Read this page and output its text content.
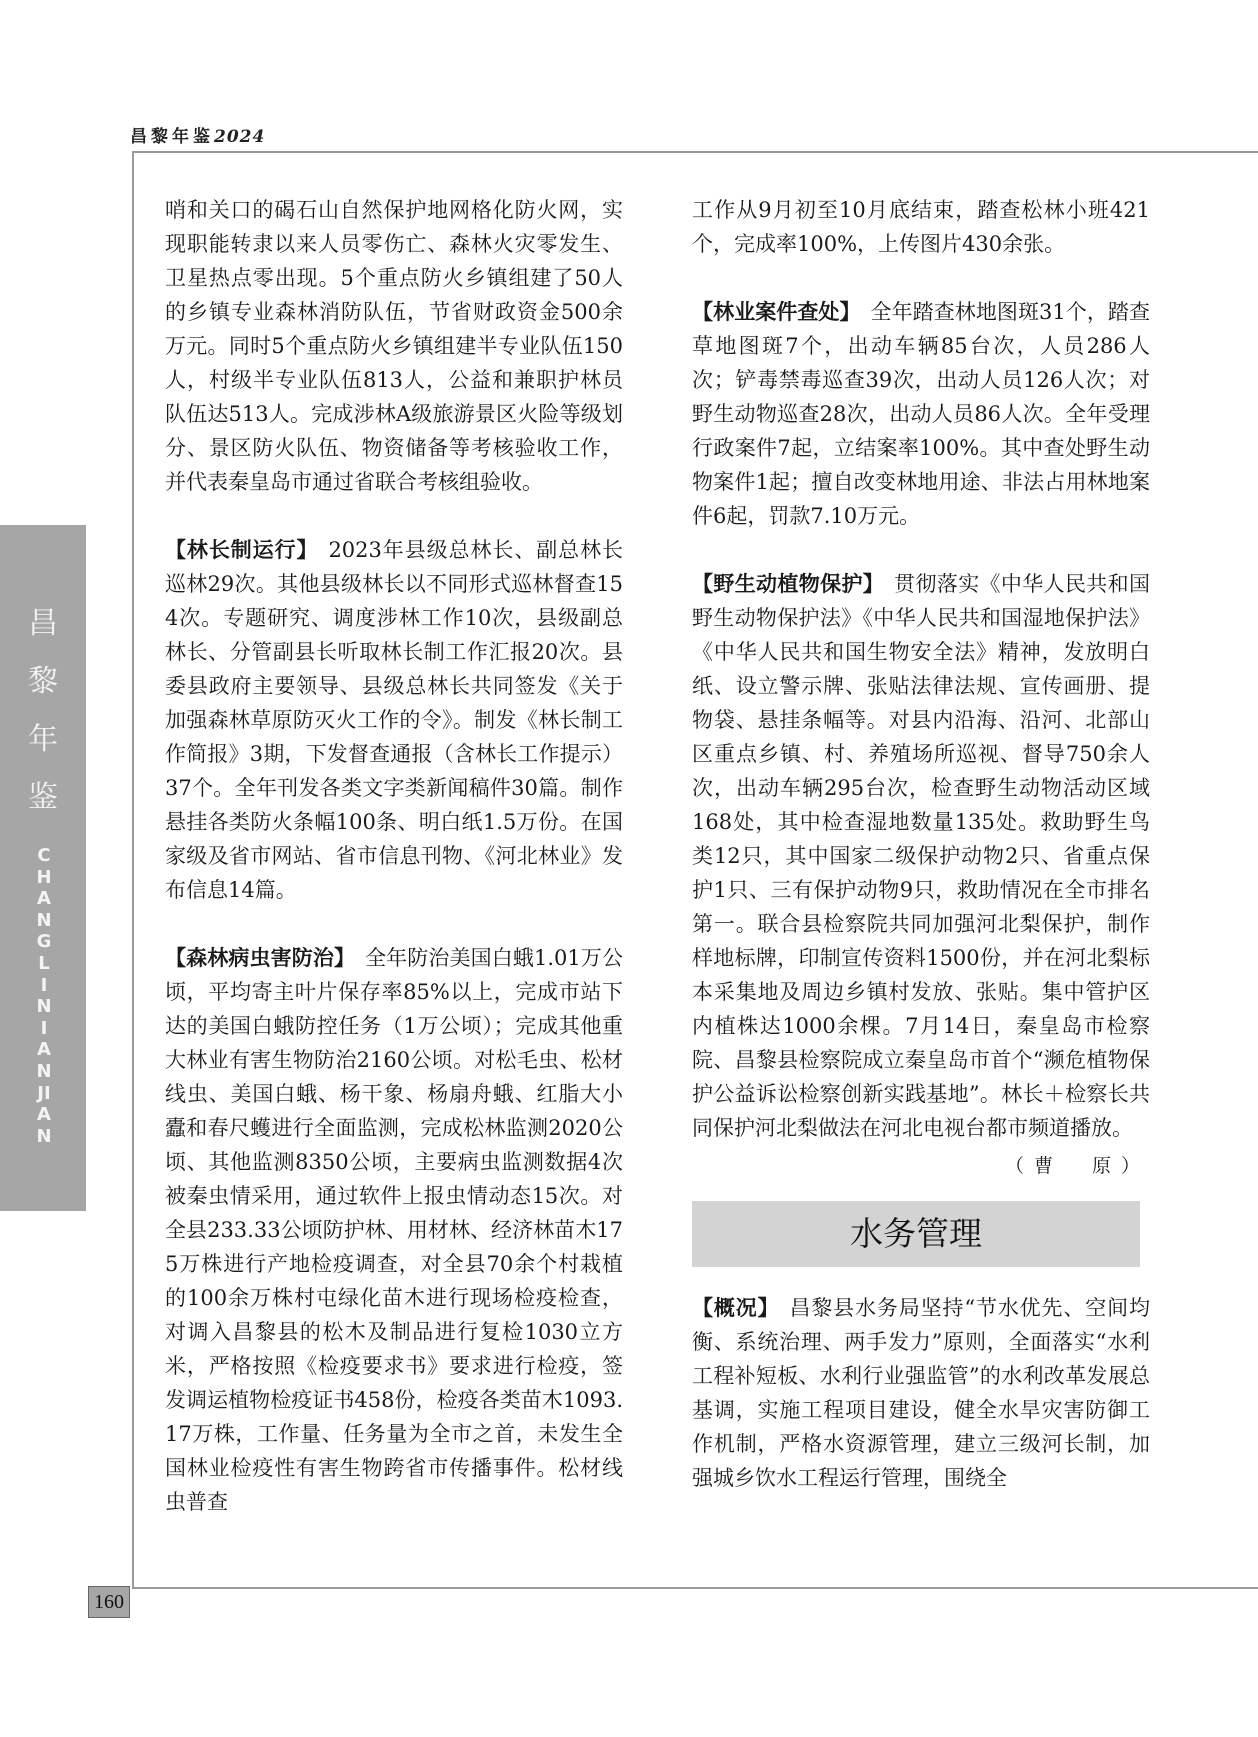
昌黎年鉴2024
昌黎年鉴
CHANGLINIANJIAN
160

哨和关口的碣石山自然保护地网格化防火网，实现职能转隶以来人员零伤亡、森林火灾零发生、卫星热点零出现。5个重点防火乡镇组建了50人的乡镇专业森林消防队伍，节省财政资金500余万元。同时5个重点防火乡镇组建半专业队伍150人，村级半专业队伍813人，公益和兼职护林员队伍达513人。完成涉林A级旅游景区火险等级划分、景区防火队伍、物资储备等考核验收工作，并代表秦皇岛市通过省联合考核组验收。

【林长制运行】 2023年县级总林长、副总林长巡林29次。其他县级林长以不同形式巡林督查154次。专题研究、调度涉林工作10次，县级副总林长、分管副县长听取林长制工作汇报20次。县委县政府主要领导、县级总林长共同签发《关于加强森林草原防灭火工作的令》。制发《林长制工作简报》3期，下发督查通报（含林长工作提示）37个。全年刊发各类文字类新闻稿件30篇。制作悬挂各类防火条幅100条、明白纸1.5万份。在国家级及省市网站、省市信息刊物、《河北林业》发布信息14篇。

【森林病虫害防治】 全年防治美国白蛾1.01万公顷，平均寄主叶片保存率85%以上，完成市站下达的美国白蛾防控任务（1万公顷）；完成其他重大林业有害生物防治2160公顷。对松毛虫、松材线虫、美国白蛾、杨干象、杨扇舟蛾、红脂大小蠹和春尺蠖进行全面监测，完成松林监测2020公顷、其他监测8350公顷，主要病虫监测数据4次被秦虫情采用，通过软件上报虫情动态15次。对全县233.33公顷防护林、用材林、经济林苗木175万株进行产地检疫调查，对全县70余个村栽植的100余万株村屯绿化苗木进行现场检疫检查，对调入昌黎县的松木及制品进行复检1030立方米，严格按照《检疫要求书》要求进行检疫，签发调运植物检疫证书458份，检疫各类苗木1093.17万株，工作量、任务量为全市之首，未发生全国林业检疫性有害生物跨省市传播事件。松材线虫普查

工作从9月初至10月底结束，踏查松林小班421个，完成率100%，上传图片430余张。

【林业案件查处】 全年踏查林地图斑31个，踏查草地图斑7个，出动车辆85台次，人员286人次；铲毒禁毒巡查39次，出动人员126人次；对野生动物巡查28次，出动人员86人次。全年受理行政案件7起，立结案率100%。其中查处野生动物案件1起；擅自改变林地用途、非法占用林地案件6起，罚款7.10万元。

【野生动植物保护】 贯彻落实《中华人民共和国野生动物保护法》《中华人民共和国湿地保护法》《中华人民共和国生物安全法》精神，发放明白纸、设立警示牌、张贴法律法规、宣传画册、提物袋、悬挂条幅等。对县内沿海、沿河、北部山区重点乡镇、村、养殖场所巡视、督导750余人次，出动车辆295台次，检查野生动物活动区域 168处，其中检查湿地数量135处。救助野生鸟类12只，其中国家二级保护动物2只、省重点保护1只、三有保护动物9只，救助情况在全市排名第一。联合县检察院共同加强河北梨保护，制作样地标牌，印制宣传资料1500份，并在河北梨标本采集地及周边乡镇村发放、张贴。集中管护区内植株达1000余棵。7月14日，秦皇岛市检察院、昌黎县检察院成立秦皇岛市首个“濒危植物保护公益诉讼检察创新实践基地”。林长＋检察长共同保护河北梨做法在河北电视台都市频道播放。

（曹　原）
水务管理

【概况】 昌黎县水务局坚持“节水优先、空间均衡、系统治理、两手发力”原则，全面落实“水利工程补短板、水利行业强监管”的水利改革发展总基调，实施工程项目建设，健全水旱灾害防御工作机制，严格水资源管理，建立三级河长制，加强城乡饮水工程运行管理，围绕全
